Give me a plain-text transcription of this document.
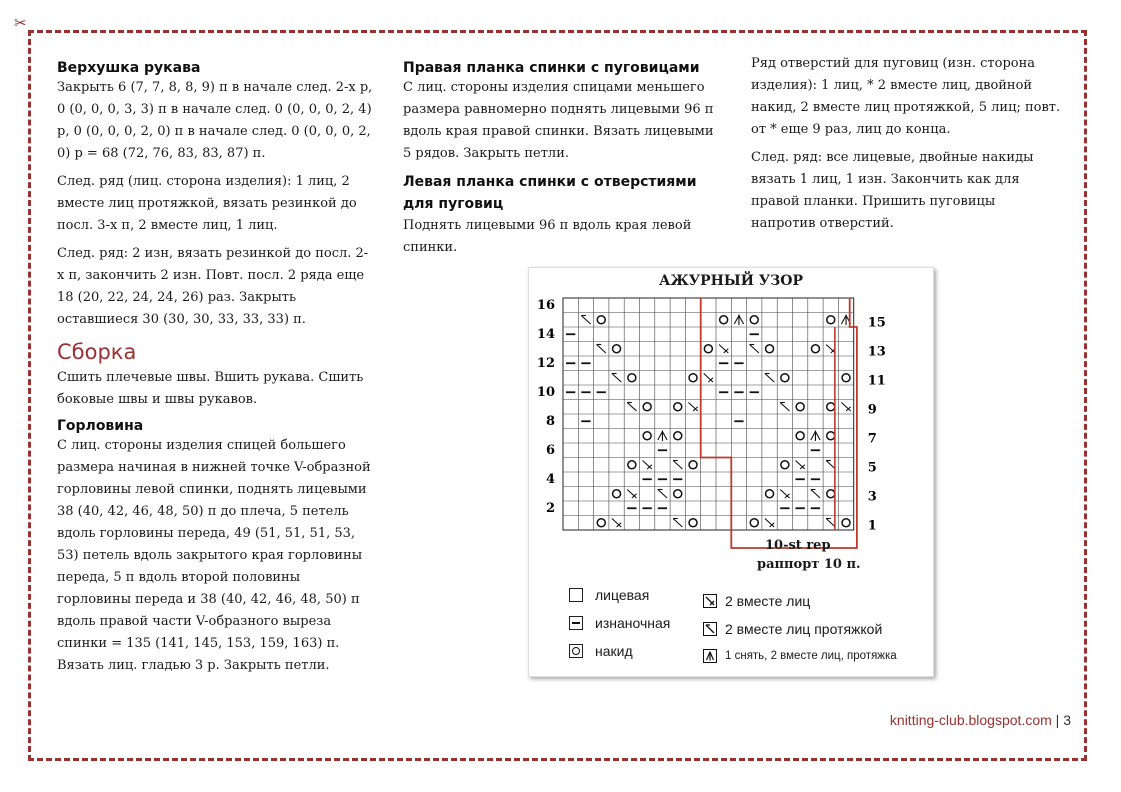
✂
Верхушка рукава

Закрыть 6 (7, 7, 8, 8, 9) п в начале след. 2-х р, 0 (0, 0, 0, 3, 3) п в начале след. 0 (0, 0, 0, 2, 4) р, 0 (0, 0, 0, 2, 0) п в начале след. 0 (0, 0, 0, 2, 0) р = 68 (72, 76, 83, 83, 87) п.

След. ряд (лиц. сторона изделия): 1 лиц, 2 вместе лиц протяжкой, вязать резинкой до посл. 3-х п, 2 вместе лиц, 1 лиц.

След. ряд: 2 изн, вязать резинкой до посл. 2-х п, закончить 2 изн. Повт. посл. 2 ряда еще 18 (20, 22, 24, 24, 26) раз. Закрыть оставшиеся 30 (30, 30, 33, 33, 33) п.

Сборка

Сшить плечевые швы. Вшить рукава. Сшить боковые швы и швы рукавов.

Горловина

С лиц. стороны изделия спицей большего размера начиная в нижней точке V-образной горловины левой спинки, поднять лицевыми 38 (40, 42, 46, 48, 50) п до плеча, 5 петель вдоль горловины переда, 49 (51, 51, 51, 53, 53) петель вдоль закрытого края горловины переда, 5 п вдоль второй половины горловины переда и 38 (40, 42, 46, 48, 50) п вдоль правой части V-образного выреза спинки = 135 (141, 145, 153, 159, 163) п. Вязать лиц. гладью 3 р. Закрыть петли.

Правая планка спинки с пуговицами

С лиц. стороны изделия спицами меньшего размера равномерно поднять лицевыми 96 п вдоль края правой спинки. Вязать лицевыми 5 рядов. Закрыть петли.

Левая планка спинки с отверстиями для пуговиц

Поднять лицевыми 96 п вдоль края левой спинки.

Ряд отверстий для пуговиц (изн. сторона изделия): 1 лиц, * 2 вместе лиц, двойной накид, 2 вместе лиц протяжкой, 5 лиц; повт. от * еще 9 раз, лиц до конца.

След. ряд: все лицевые, двойные накиды вязать 1 лиц, 1 изн. Закончить как для правой планки. Пришить пуговицы напротив отверстий.

АЖУРНЫЙ УЗОР
16
14
12
10
8
6
4
2
15
13
11
9
7
5
3
1
10-st rep
раппорт 10 п.
лицевая
изнаночная
накид
2 вместе лиц
2 вместе лиц протяжкой
1 снять, 2 вместе лиц, протяжка
knitting-club.blogspot.com | 3
